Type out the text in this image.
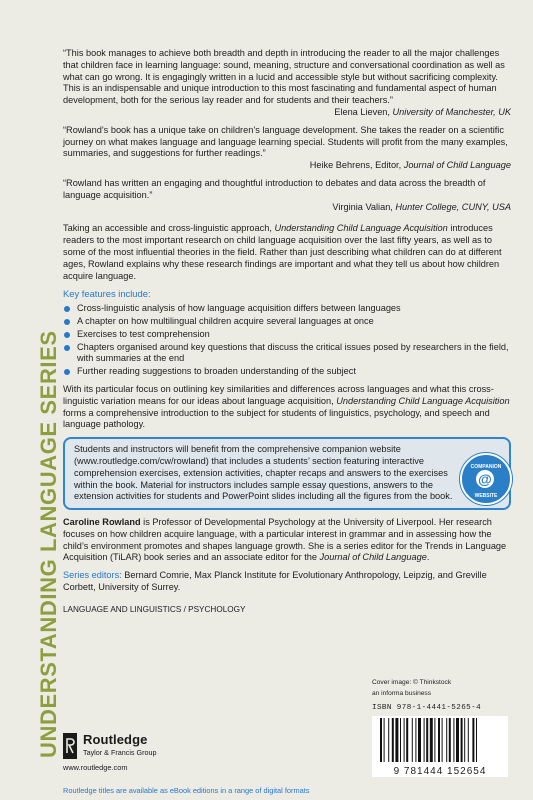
UNDERSTANDING LANGUAGE SERIES

“This book manages to achieve both breadth and depth in introducing the reader to all the major challenges that children face in learning language: sound, meaning, structure and conversational coordination as well as what can go wrong. It is engagingly written in a lucid and accessible style but without sacrificing complexity. This is an indispensable and unique introduction to this most fascinating and fundamental aspect of human development, both for the serious lay reader and for students and their teachers.”

Elena Lieven, University of Manchester, UK

“Rowland’s book has a unique take on children’s language development. She takes the reader on a scientific journey on what makes language and language learning special. Students will profit from the many examples, summaries, and suggestions for further readings.”

Heike Behrens, Editor, Journal of Child Language

“Rowland has written an engaging and thoughtful introduction to debates and data across the breadth of language acquisition.”

Virginia Valian, Hunter College, CUNY, USA

Taking an accessible and cross-linguistic approach, Understanding Child Language Acquisition introduces readers to the most important research on child language acquisition over the last fifty years, as well as to some of the most influential theories in the field. Rather than just describing what children can do at different ages, Rowland explains why these research findings are important and what they tell us about how children acquire language.

Key features include:

Cross-linguistic analysis of how language acquisition differs between languages
A chapter on how multilingual children acquire several languages at once
Exercises to test comprehension
Chapters organised around key questions that discuss the critical issues posed by researchers in the field, with summaries at the end
Further reading suggestions to broaden understanding of the subject

With its particular focus on outlining key similarities and differences across languages and what this cross-linguistic variation means for our ideas about language acquisition, Understanding Child Language Acquisition forms a comprehensive introduction to the subject for students of linguistics, psychology, and speech and language pathology.

Students and instructors will benefit from the comprehensive companion website (www.routledge.com/cw/rowland) that includes a students’ section featuring interactive comprehension exercises, extension activities, chapter recaps and answers to the exercises within the book. Material for instructors includes sample essay questions, answers to the extension activities for students and PowerPoint slides including all the figures from the book.
COMPANION
@
WEBSITE

Caroline Rowland is Professor of Developmental Psychology at the University of Liverpool. Her research focuses on how children acquire language, with a particular interest in grammar and in assessing how the child’s environment promotes and shapes language growth. She is a series editor for the Trends in Language Acquisition (TiLAR) book series and an associate editor for the Journal of Child Language.

Series editors: Bernard Comrie, Max Planck Institute for Evolutionary Anthropology, Leipzig, and Greville Corbett, University of Surrey.

LANGUAGE AND LINGUISTICS / PSYCHOLOGY
Routledge
Taylor & Francis Group
www.routledge.com
Routledge titles are available as eBook editions in a range of digital formats
Cover image: © Thinkstock
an informa business
ISBN 978-1-4441-5265-4
9 781444 152654
